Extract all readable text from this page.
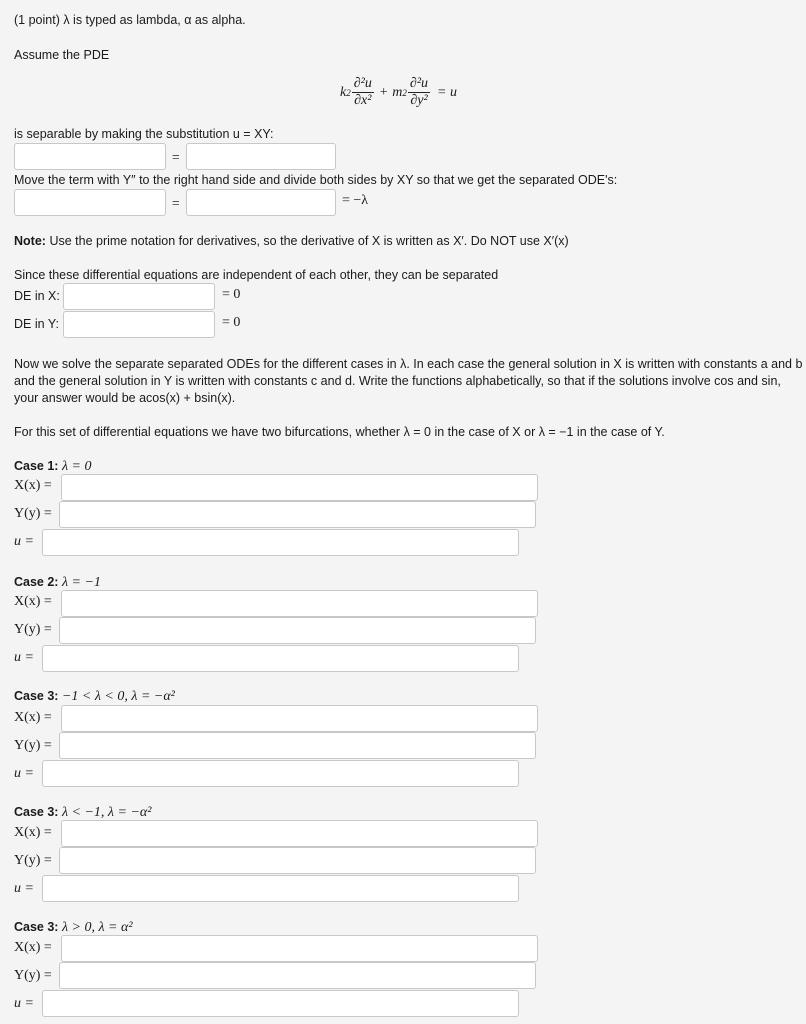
(1 point) λ is typed as lambda, α as alpha.
Assume the PDE
k $2 \frac{\text{∂²u}}{\text{∂x²}} + m$ $2 \frac{\text{∂²u}}{\text{∂y²}} = u$
is separable by making the substitution u = XY:
=
Move the term with Y″ to the right hand side and divide both sides by XY so that we get the separated ODE's:
=	= −λ
Note: Use the prime notation for derivatives, so the derivative of X is written as X′. Do NOT use X′(x)
Since these differential equations are independent of each other, they can be separated
DE in X:	= 0
DE in Y:	= 0
Now we solve the separate separated ODEs for the different cases in λ. In each case the general solution in X is written with constants a and b
and the general solution in Y is written with constants c and d. Write the functions alphabetically, so that if the solutions involve cos and sin,
your answer would be acos(x) + bsin(x).
For this set of differential equations we have two bifurcations, whether λ = 0 in the case of X or λ = −1 in the case of Y.
Case 1: λ = 0
X(x) =
Y(y) =
u =
Case 2: λ = −1
X(x) =
Y(y) =
u =
Case 3: −1 < λ < 0, λ = −α²
X(x) =
Y(y) =
u =
Case 3: λ < −1, λ = −α²
X(x) =
Y(y) =
u =
Case 3: λ > 0, λ = α²
X(x) =
Y(y) =
u =
